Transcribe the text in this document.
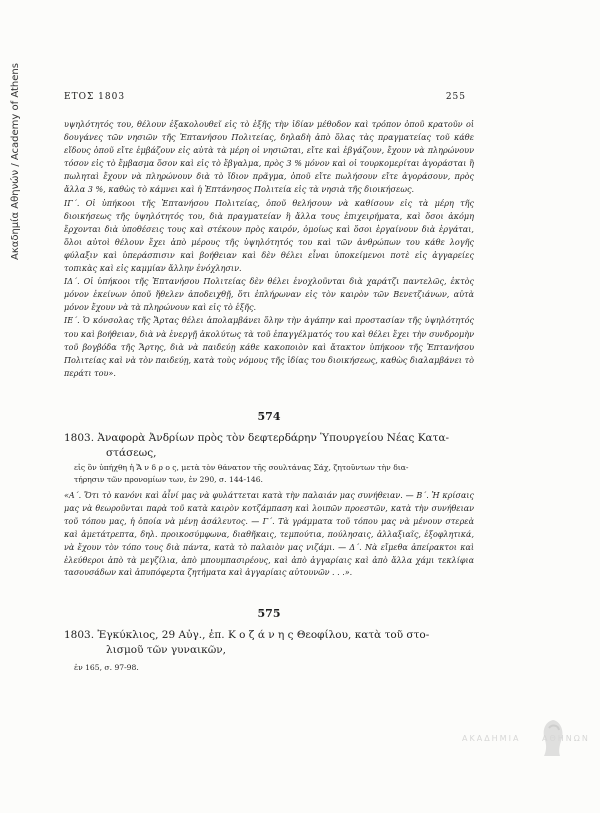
Ακαδημία Αθηνών / Academy of Athens	ΕΤΟΣ 1803	255

υψηλότητός του, θέλουν ἐξακολουθεῖ εἰς τὸ ἑξῆς τὴν ἰδίαν μέθοδον καὶ τρόπον ὁποῦ κρατοῦν οἱ δουγάνες τῶν νησιῶν τῆς Ἑπτανήσου Πολιτείας, δηλαδὴ ἀπὸ ὅλας τὰς πραγματείας τοῦ κάθε εἴδους ὁποῦ εἴτε ἐμβάζουν εἰς αὐτὰ τὰ μέρη οἱ νησιῶται, εἴτε καὶ ἐβγάζουν, ἔχουν νὰ πληρώνουν τόσον εἰς τὸ ἔμβασμα ὅσον καὶ εἰς τὸ ἔβγαλμα, πρὸς 3 % μόνον καὶ οἱ τουρκομερίται ἀγοράσται ἢ πωληταὶ ἔχουν νὰ πληρώνουν διὰ τὸ ἴδιον πρᾶγμα, ὁποῦ εἴτε πωλήσουν εἴτε ἀγοράσουν, πρὸς ἄλλα 3 %, καθὼς τὸ κάμνει καὶ ἡ Ἑπτάνησος Πολιτεία εἰς τὰ νησιὰ τῆς διοικήσεως.

ΙΓ΄. Οἱ ὑπήκοοι τῆς Ἑπτανήσου Πολιτείας, ὁποῦ θελήσουν νὰ καθίσουν εἰς τὰ μέρη τῆς διοικήσεως τῆς ὑψηλότητός του, διὰ πραγματείαν ἢ ἄλλα τους ἐπιχειρήματα, καὶ ὅσοι ἀκόμη ἔρχονται διὰ ὑποθέσεις τους καὶ στέκουν πρὸς καιρόν, ὁμοίως καὶ ὅσοι ἐργαίνουν διὰ ἐργάται, ὅλοι αὐτοὶ θέλουν ἔχει ἀπὸ μέρους τῆς ὑψηλότητός του καὶ τῶν ἀνθρώπων του κάθε λογῆς φύλαξιν καὶ ὑπεράσπισιν καὶ βοήθειαν καὶ δὲν θέλει εἶναι ὑποκείμενοι ποτὲ εἰς ἀγγαρείες τοπικὰς καὶ εἰς καμμίαν ἄλλην ἐνόχλησιν.

ΙΔ΄. Οἱ ὑπήκοοι τῆς Ἑπτανήσου Πολιτείας δὲν θέλει ἐνοχλοῦνται διὰ χαράτζι παντελῶς, ἐκτὸς μόνον ἐκείνων ὁποῦ ἤθελεν ἀποδειχθῇ, ὅτι ἐπλήρωναν εἰς τὸν καιρὸν τῶν Βενετζιάνων, αὐτὰ μόνον ἔχουν νὰ τὰ πληρώνουν καὶ εἰς τὸ ἑξῆς.

ΙΕ΄. Ὁ κόνσολας τῆς Ἄρτας θέλει ἀπολαμβάνει ὅλην τὴν ἀγάπην καὶ προστασίαν τῆς ὑψηλότητός του καὶ βοήθειαν, διὰ νὰ ἐνεργῇ ἀκολύτως τὰ τοῦ ἐπαγγέλματός του καὶ θέλει ἔχει τὴν συνδρομὴν τοῦ βογβόδα τῆς Ἄρτης, διὰ νὰ παιδεύῃ κάθε κακοποιὸν καὶ ἄτακτον ὑπήκοον τῆς Ἑπτανήσου Πολιτείας καὶ νὰ τὸν παιδεύῃ, κατὰ τοὺς νόμους τῆς ἰδίας του διοικήσεως, καθὼς διαλαμβάνει τὸ περάτι του».

574
1803. Ἀναφορὰ Ἀνδρίων πρὸς τὸν δεφτερδάρην Ὑπουργείου Νέας Κατα-
στάσεως,
εἰς ὃν ὑπήχθη ἡ Ἄ ν δ ρ ο ς, μετὰ τὸν θάνατον τῆς σουλτάνας Σάχ, ζητοῦντων τὴν δια-
τήρησιν τῶν προνομίων των, ἐν 290, σ. 144-146.
«Α΄. Ὅτι τὸ κανόνι καὶ ἀἶνί μας νὰ φυλάττεται κατὰ τὴν παλαιάν μας συνήθειαν. — Β΄. Ἡ κρίσαις μας νὰ θεωροῦνται παρὰ τοῦ κατὰ καιρὸν κοτζάμπαση καὶ λοιπῶν προεστῶν, κατὰ τὴν συνήθειαν τοῦ τόπου μας, ἡ ὁποία νὰ μένῃ ἀσάλευτος. — Γ΄. Τὰ γράμματα τοῦ τόπου μας νὰ μένουν στερεὰ καὶ ἀμετάτρεπτα, δηλ. προικοσύμφωνα, διαθῆκαις, τεμπούτια, πούλησαις, ἀλλαξιαῖς, ἐξοφλητικά, νὰ ἔχουν τὸν τόπο τους διὰ πάντα, κατὰ τὸ παλαιὸν μας νιζάμι. — Δ΄. Νὰ εἴμεθα ἀπείρακτοι καὶ ἐλεύθεροι ἀπὸ τὰ μεγζίλια, ἀπὸ μπουμπασιρέους, καὶ ἀπὸ ἀγγαρίαις καὶ ἀπὸ ἄλλα χάμι τεκλίφια τασουσάδων καὶ ἀπυπόφερτα ζητήματα καὶ ἀγγαρίαις αὐτουνῶν . . .».
575
1803. Ἐγκύκλιος, 29 Αὐγ., ἐπ. Κ ο ζ ά ν η ς Θεοφίλου, κατὰ τοῦ στο-
λισμοῦ τῶν γυναικῶν,
ἐν 165, σ. 97-98.
ΑΚΑΔΗΜΙΑ	ΑΘΗΝΩΝ
